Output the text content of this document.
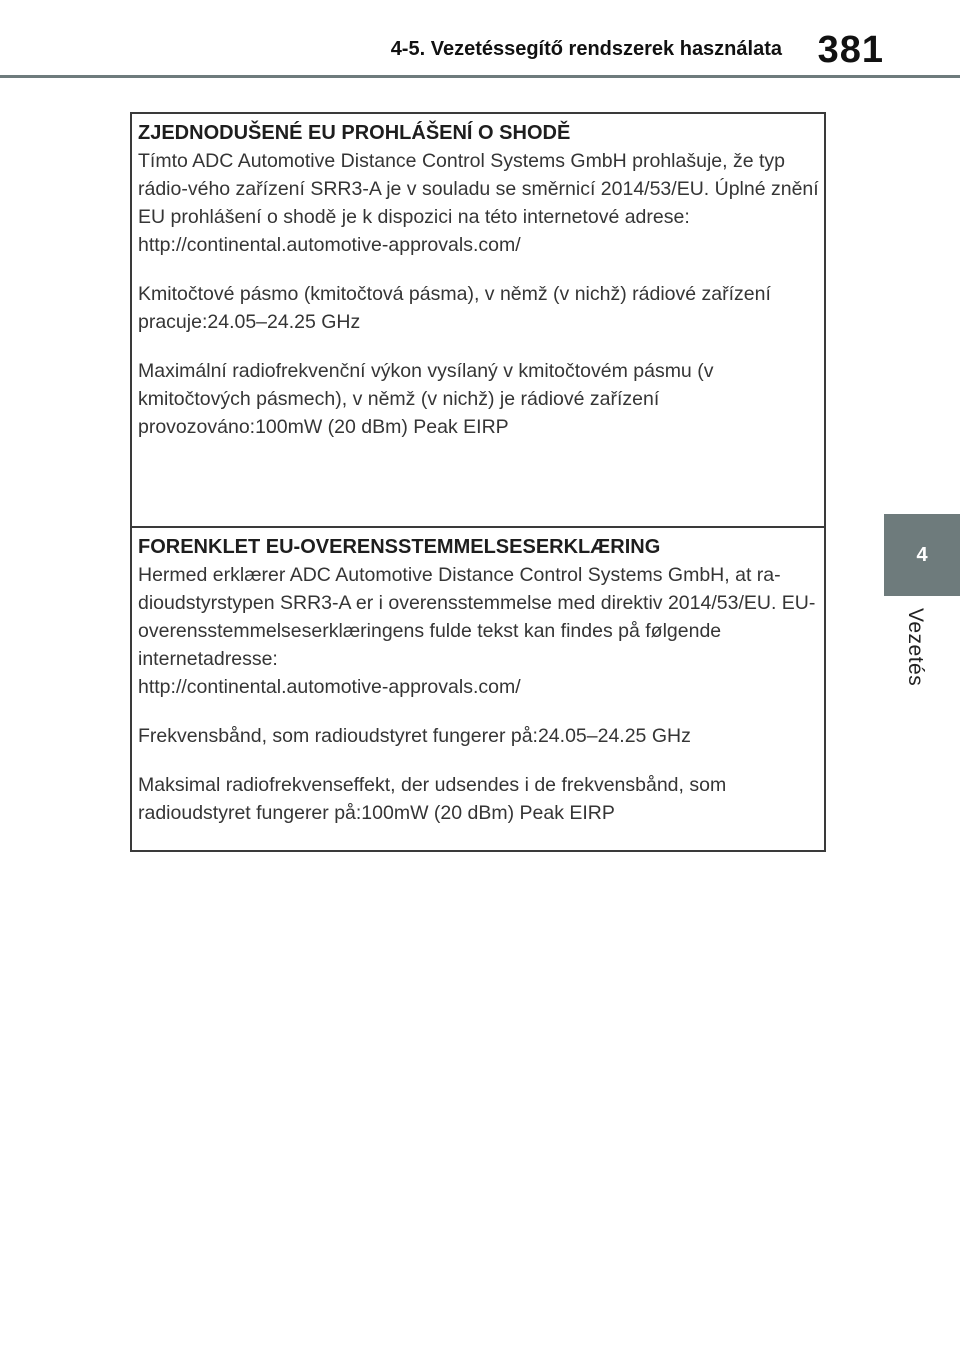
4-5. Vezetéssegítő rendszerek használata 381
4
Vezetés
ZJEDNODUŠENÉ EU PROHLÁŠENÍ O SHODĚ
Tímto ADC Automotive Distance Control Systems GmbH prohlašuje, že typ rádio-vého zařízení SRR3-A je v souladu se směrnicí 2014/53/EU. Úplné znění EU prohlášení o shodě je k dispozici na této internetové adrese:
http://continental.automotive-approvals.com/
Kmitočtové pásmo (kmitočtová pásma), v němž (v nichž) rádiové zařízení pracuje:24.05–24.25 GHz
Maximální radiofrekvenční výkon vysílaný v kmitočtovém pásmu (v kmitočtových pásmech), v němž (v nichž) je rádiové zařízení provozováno:100mW (20 dBm) Peak EIRP
FORENKLET EU-OVERENSSTEMMELSESERKLÆRING
Hermed erklærer ADC Automotive Distance Control Systems GmbH, at ra-dioudstyrstypen SRR3-A er i overensstemmelse med direktiv 2014/53/EU. EU-overensstemmelseserklæringens fulde tekst kan findes på følgende internetadresse:
http://continental.automotive-approvals.com/
Frekvensbånd, som radioudstyret fungerer på:24.05–24.25 GHz
Maksimal radiofrekvenseffekt, der udsendes i de frekvensbånd, som radioudstyret fungerer på:100mW (20 dBm) Peak EIRP
